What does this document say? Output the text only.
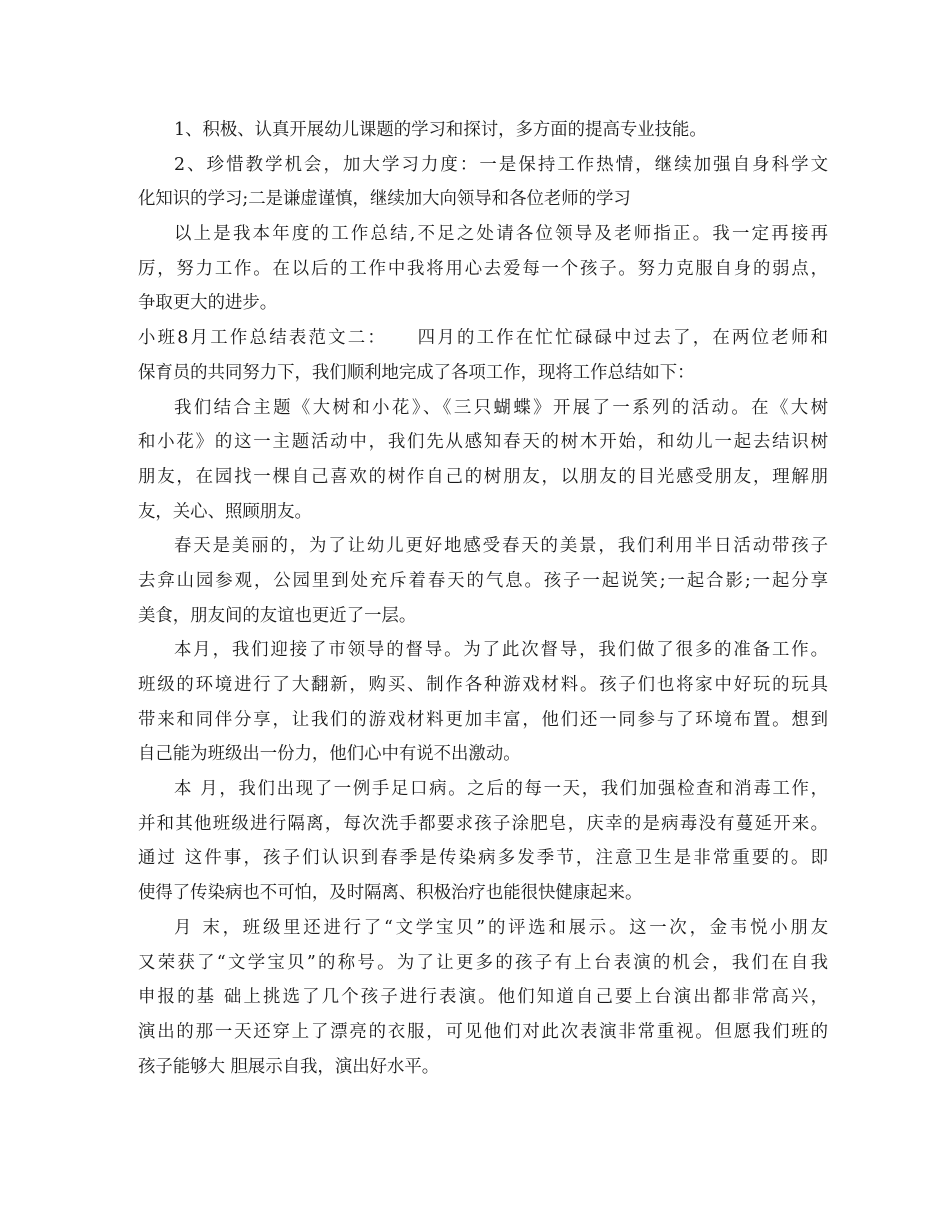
1、积极、认真开展幼儿课题的学习和探讨，多方面的提高专业技能。
2、珍惜教学机会，加大学习力度：一是保持工作热情，继续加强自身科学文
化知识的学习;二是谦虚谨慎，继续加大向领导和各位老师的学习
以上是我本年度的工作总结,不足之处请各位领导及老师指正。我一定再接再
厉，努力工作。在以后的工作中我将用心去爱每一个孩子。努力克服自身的弱点，
争取更大的进步。
小班8月工作总结表范文二：　　四月的工作在忙忙碌碌中过去了，在两位老师和
保育员的共同努力下，我们顺利地完成了各项工作，现将工作总结如下：
我们结合主题《大树和小花》、《三只蝴蝶》开展了一系列的活动。在《大树
和小花》的这一主题活动中，我们先从感知春天的树木开始，和幼儿一起去结识树
朋友，在园找一棵自己喜欢的树作自己的树朋友，以朋友的目光感受朋友，理解朋
友，关心、照顾朋友。
春天是美丽的，为了让幼儿更好地感受春天的美景，我们利用半日活动带孩子
去弇山园参观，公园里到处充斥着春天的气息。孩子一起说笑;一起合影;一起分享
美食，朋友间的友谊也更近了一层。
本月，我们迎接了市领导的督导。为了此次督导，我们做了很多的准备工作。
班级的环境进行了大翻新，购买、制作各种游戏材料。孩子们也将家中好玩的玩具
带来和同伴分享，让我们的游戏材料更加丰富，他们还一同参与了环境布置。想到
自己能为班级出一份力，他们心中有说不出激动。
本 月，我们出现了一例手足口病。之后的每一天，我们加强检查和消毒工作，
并和其他班级进行隔离，每次洗手都要求孩子涂肥皂，庆幸的是病毒没有蔓延开来。
通过 这件事，孩子们认识到春季是传染病多发季节，注意卫生是非常重要的。即
使得了传染病也不可怕，及时隔离、积极治疗也能很快健康起来。
月 末，班级里还进行了“文学宝贝”的评选和展示。这一次，金韦悦小朋友
又荣获了“文学宝贝”的称号。为了让更多的孩子有上台表演的机会，我们在自我
申报的基 础上挑选了几个孩子进行表演。他们知道自己要上台演出都非常高兴，
演出的那一天还穿上了漂亮的衣服，可见他们对此次表演非常重视。但愿我们班的
孩子能够大 胆展示自我，演出好水平。
